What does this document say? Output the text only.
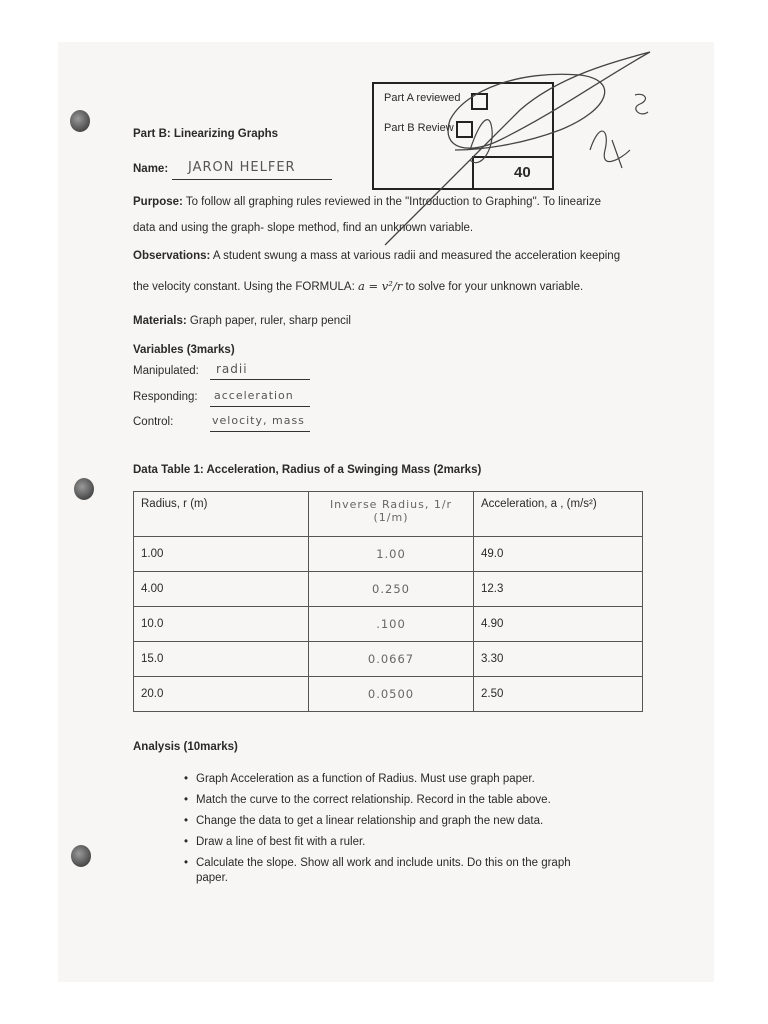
Part B: Linearizing Graphs
Name: JARON HELFER
Part A reviewed
Part B Review
40
Purpose: To follow all graphing rules reviewed in the "Introduction to Graphing". To linearize
data and using the graph- slope method, find an unknown variable.
Observations: A student swung a mass at various radii and measured the acceleration keeping
the velocity constant. Using the FORMULA: a = v²/r to solve for your unknown variable.
Materials: Graph paper, ruler, sharp pencil
Variables (3marks)
Manipulated: radii
Responding: acceleration
Control:	velocity, mass
Data Table 1: Acceleration, Radius of a Swinging Mass (2marks)
Radius, r (m)	Inverse Radius, 1/r (1/m)	Acceleration, a , (m/s²)
1.00	1.00	49.0
4.00	0.250	12.3
10.0	.100	4.90
15.0	0.0667	3.30
20.0	0.0500	2.50
Analysis (10marks)
• Graph Acceleration as a function of Radius. Must use graph paper.
• Match the curve to the correct relationship. Record in the table above.
• Change the data to get a linear relationship and graph the new data.
• Draw a line of best fit with a ruler.
• Calculate the slope. Show all work and include units. Do this on the graph
paper.
